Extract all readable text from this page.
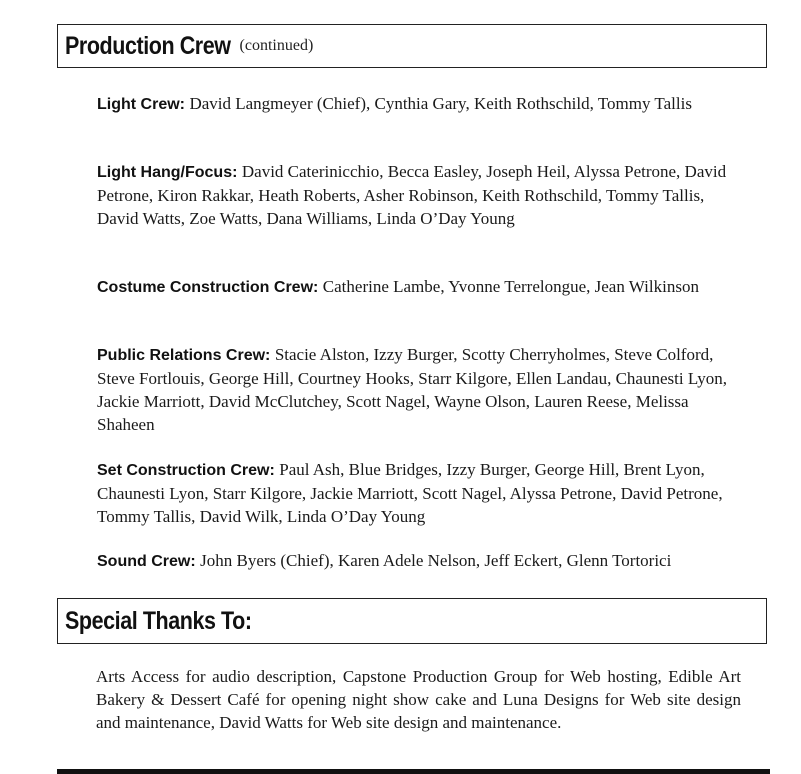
Production Crew (continued)
Light Crew: David Langmeyer (Chief), Cynthia Gary, Keith Rothschild, Tommy Tallis
Light Hang/Focus: David Caterinicchio, Becca Easley, Joseph Heil, Alyssa Petrone, David Petrone, Kiron Rakkar, Heath Roberts, Asher Robinson, Keith Rothschild, Tommy Tallis, David Watts, Zoe Watts, Dana Williams, Linda O’Day Young
Costume Construction Crew: Catherine Lambe, Yvonne Terrelongue, Jean Wilkinson
Public Relations Crew: Stacie Alston, Izzy Burger, Scotty Cherryholmes, Steve Colford, Steve Fortlouis, George Hill, Courtney Hooks, Starr Kilgore, Ellen Landau, Chaunesti Lyon, Jackie Marriott, David McClutchey, Scott Nagel, Wayne Olson, Lauren Reese, Melissa Shaheen
Set Construction Crew: Paul Ash, Blue Bridges, Izzy Burger, George Hill, Brent Lyon, Chaunesti Lyon, Starr Kilgore, Jackie Marriott, Scott Nagel, Alyssa Petrone, David Petrone, Tommy Tallis, David Wilk, Linda O’Day Young
Sound Crew: John Byers (Chief), Karen Adele Nelson, Jeff Eckert, Glenn Tortorici
Special Thanks To:
Arts Access for audio description, Capstone Production Group for Web hosting, Edible Art Bakery & Dessert Café for opening night show cake and Luna Designs for Web site design and maintenance, David Watts for Web site design and maintenance.
